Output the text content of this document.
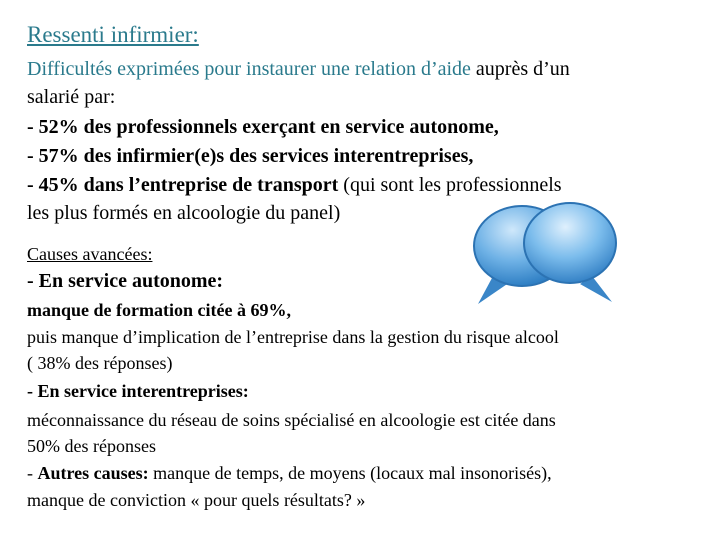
Ressenti infirmier:

Difficultés exprimées pour instaurer une relation d’aide auprès d’un

salarié par:

- 52% des professionnels exerçant en service autonome,

- 57% des infirmier(e)s des services interentreprises,

- 45% dans l’entreprise de transport (qui sont les professionnels

les plus formés en alcoologie du panel)

Causes avancées:

- En service autonome:

manque de formation citée à 69%,

puis manque d’implication de l’entreprise dans la gestion du risque alcool

( 38% des réponses)

- En service interentreprises:

méconnaissance du réseau de soins spécialisé en alcoologie est citée dans

50% des réponses

- Autres causes: manque de temps, de moyens (locaux mal insonorisés),

manque de conviction « pour quels résultats? »
